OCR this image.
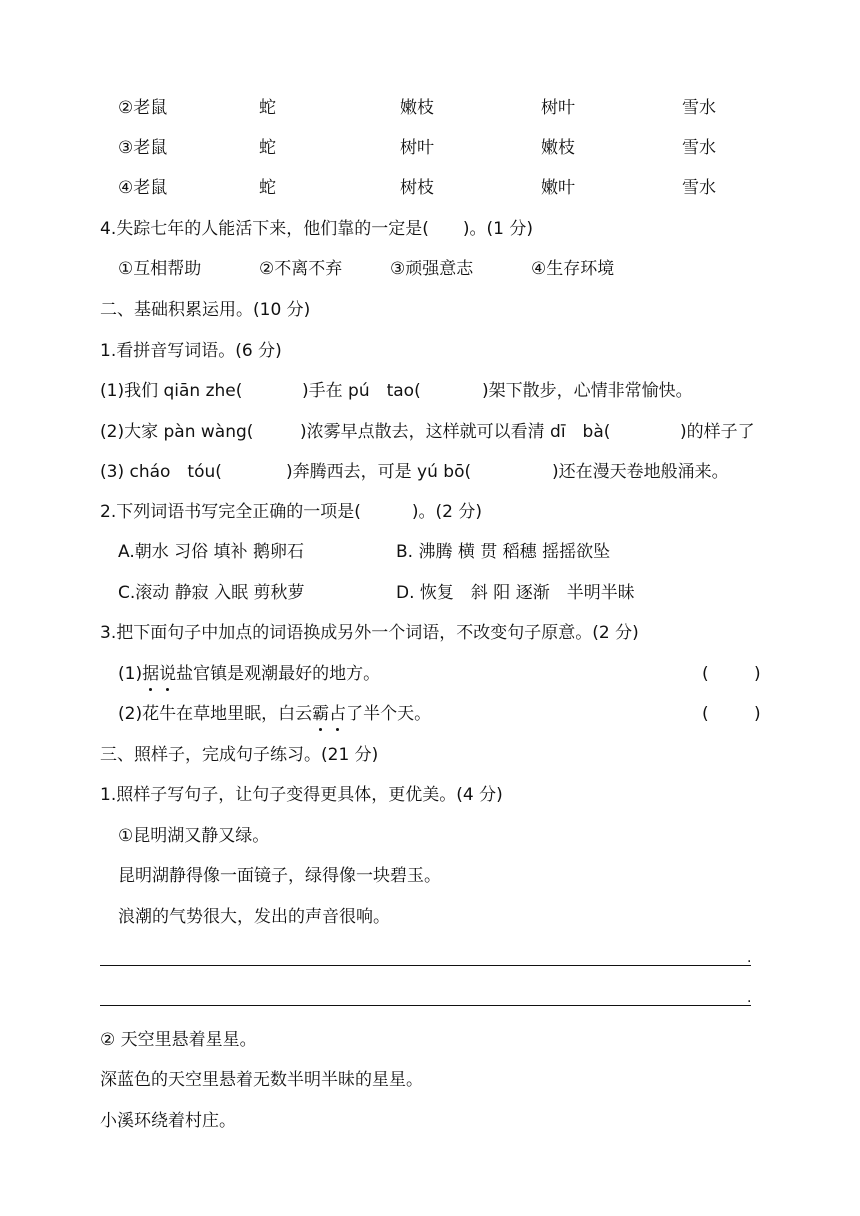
②老鼠	蛇	嫩枝	树叶	雪水
③老鼠	蛇	树叶	嫩枝	雪水
④老鼠	蛇	树枝	嫩叶	雪水
4.失踪七年的人能活下来，他们靠的一定是(　　)。(1 分)
①互相帮助	②不离不弃	③顽强意志	④生存环境
二、基础积累运用。(10 分)
1.看拼音写词语。(6 分)
(1)我们 qiān zhe(	)手在 pú　tao(	)架下散步，心情非常愉快。
(2)大家 pàn wàng(	)浓雾早点散去，这样就可以看清 dī　bà(	)的样子了
(3) cháo　tóu(	)奔腾西去，可是 yú bō(	)还在漫天卷地般涌来。
2.下列词语书写完全正确的一项是(　　　)。(2 分)
A.朝水 习俗 填补 鹅卵石	B. 沸腾 横 贯 稻穗 摇摇欲坠
C.滚动 静寂 入眠 剪秋萝	D. 恢复　斜 阳 逐渐　半明半昧
3.把下面句子中加点的词语换成另外一个词语，不改变句子原意。(2 分)
(1)据说盐官镇是观潮最好的地方。	(	)
(2)花牛在草地里眠，白云霸占了半个天。	(	)
三、照样子，完成句子练习。(21 分)
1.照样子写句子，让句子变得更具体，更优美。(4 分)
①昆明湖又静又绿。
昆明湖静得像一面镜子，绿得像一块碧玉。
浪潮的气势很大，发出的声音很响。
.
.
② 天空里悬着星星。
深蓝色的天空里悬着无数半明半昧的星星。
小溪环绕着村庄。
